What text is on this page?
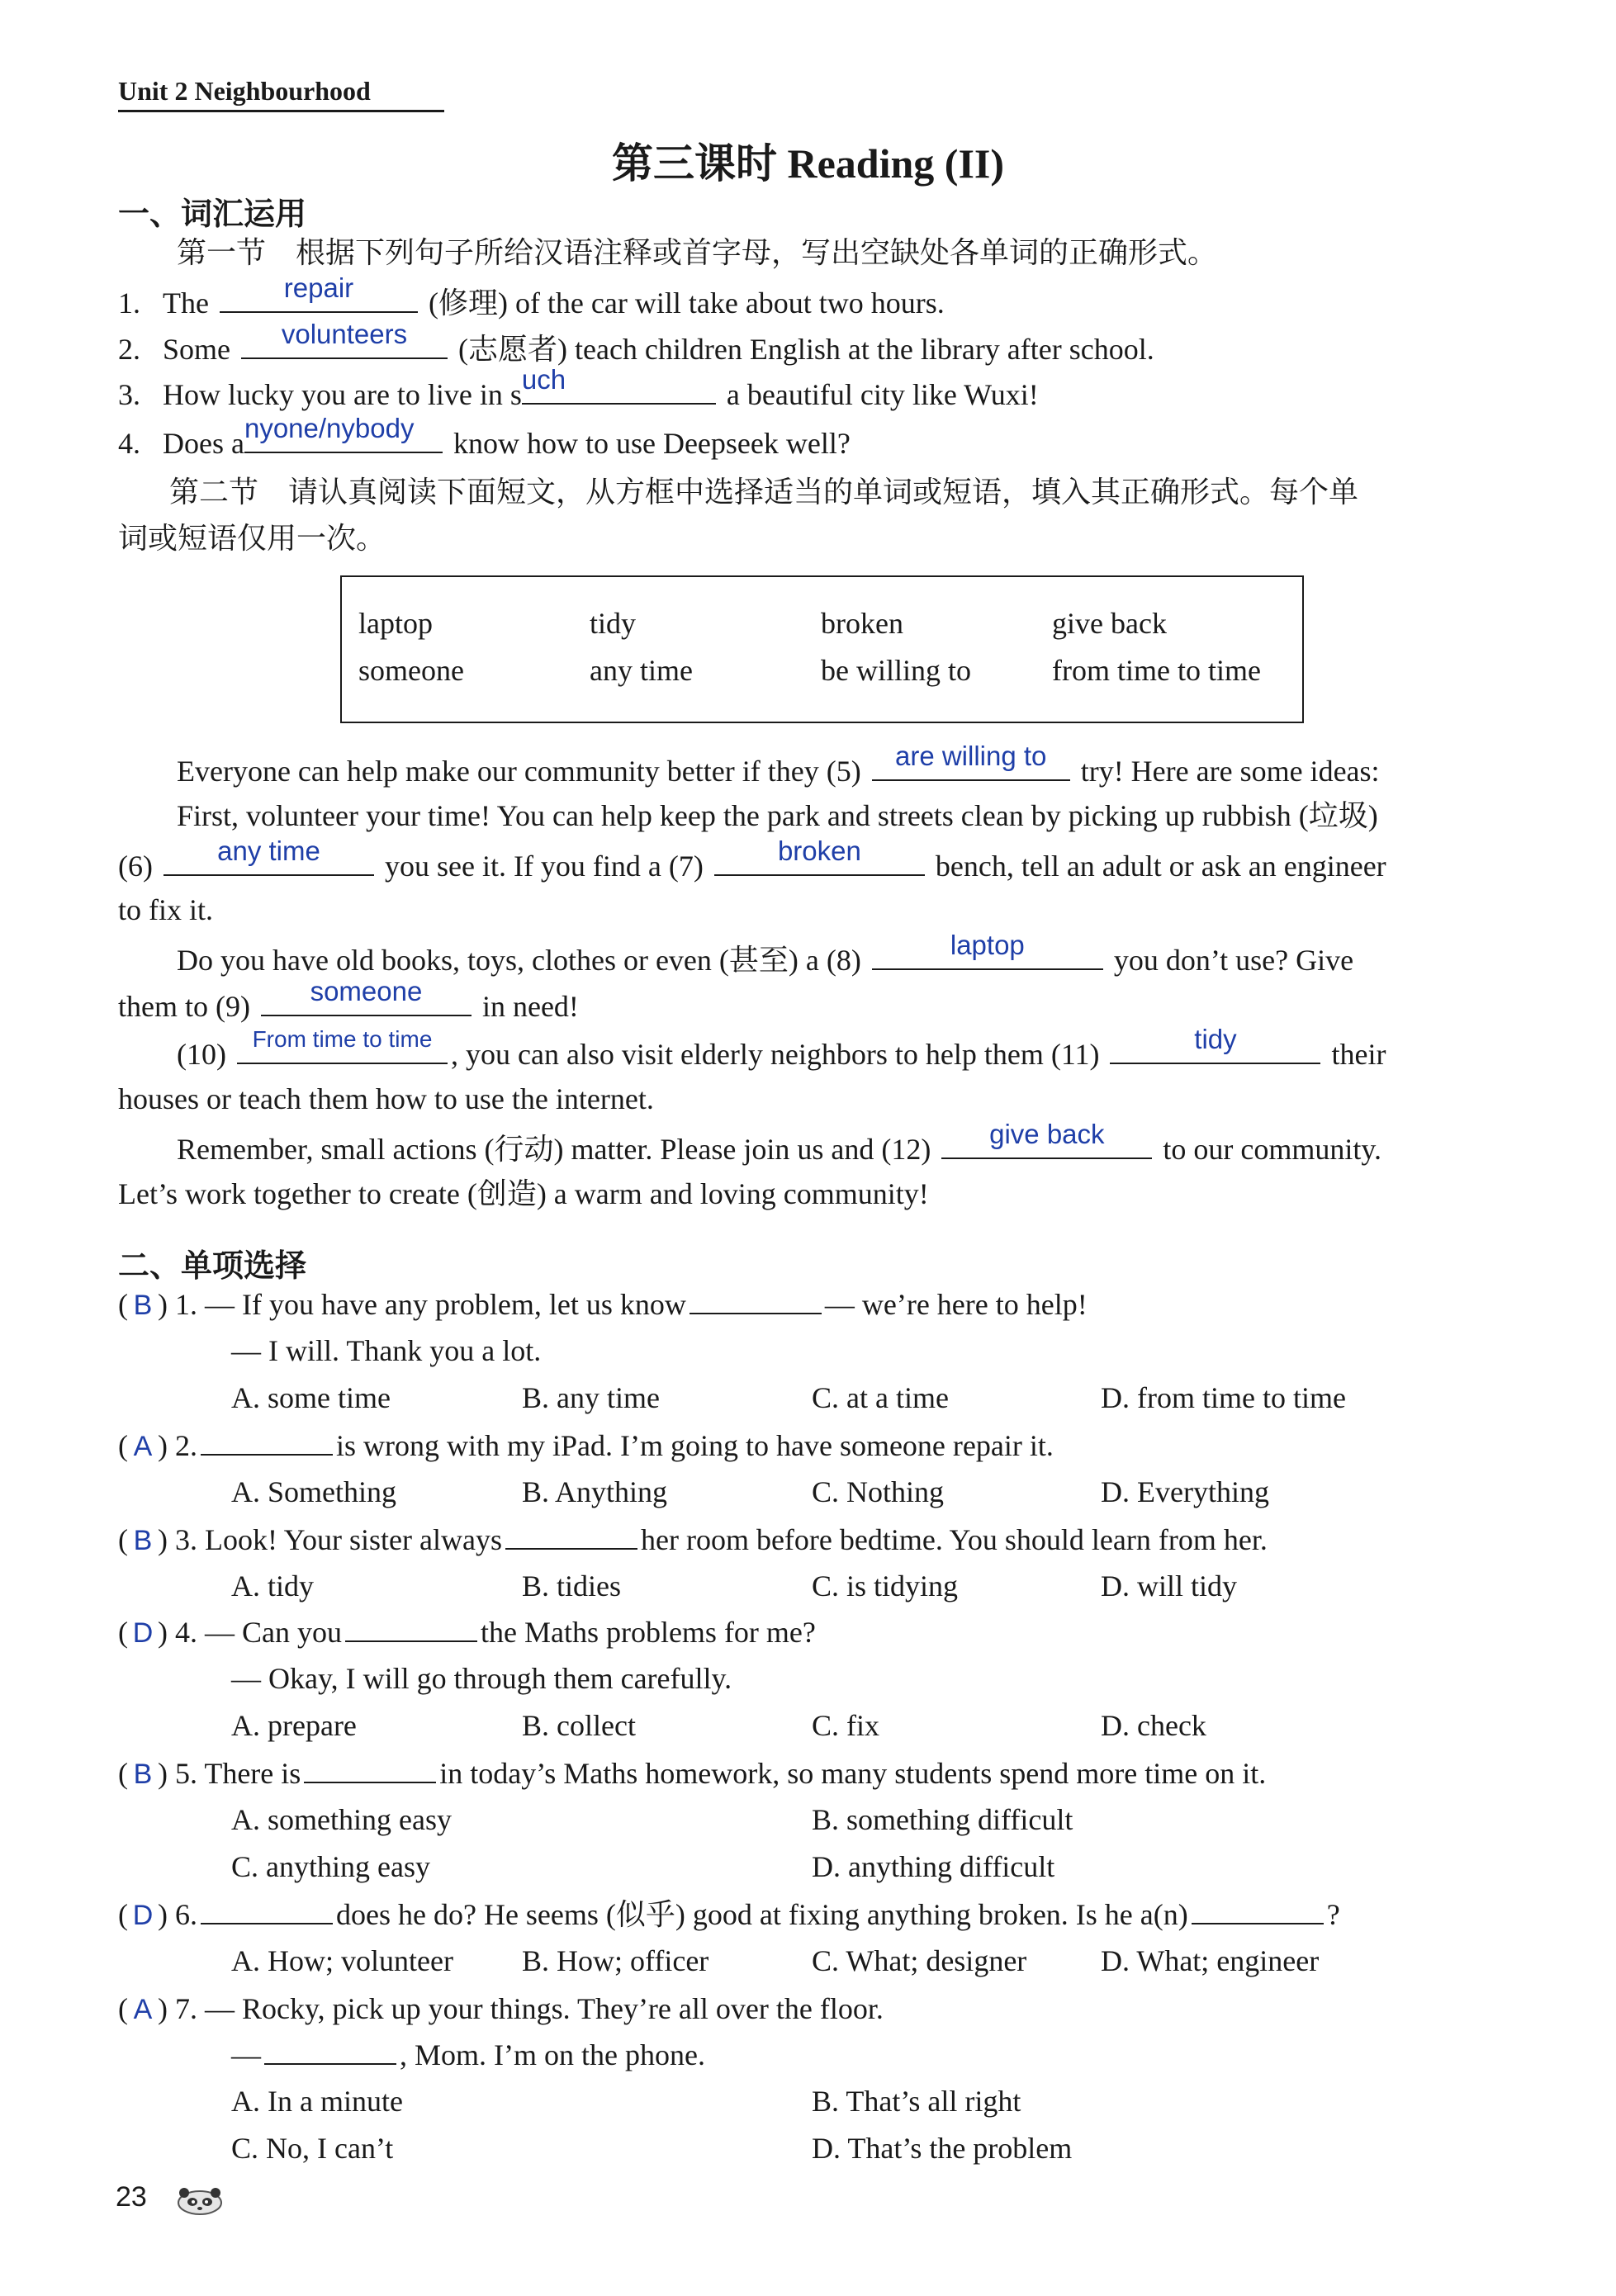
Unit 2 Neighbourhood
第三课时 Reading (II)
一、词汇运用
第一节　根据下列句子所给汉语注释或首字母，写出空缺处各单词的正确形式。
1. The	repair	(修理) of the car will take about two hours.
2. Some	volunteers	(志愿者) teach children English at the library after school.
3. How lucky you are to live in s uch	a beautiful city like Wuxi!
4. Does a nyone/nybody	know how to use Deepseek well?
第二节　请认真阅读下面短文，从方框中选择适当的单词或短语，填入其正确形式。每个单
词或短语仅用一次。
laptop	tidy	broken	give back
someone	any time	be willing to	from time to time
Everyone can help make our community better if they (5)	are willing to	try! Here are some ideas:
First, volunteer your time! You can help keep the park and streets clean by picking up rubbish (垃圾)
(6)	any time	you see it. If you find a (7)	broken	bench, tell an adult or ask an engineer
to fix it.
Do you have old books, toys, clothes or even (甚至) a (8)	laptop	you don’t use? Give
them to (9)	someone	in need!
(10)	From time to time , you can also visit elderly neighbors to help them (11)	tidy	their
houses or teach them how to use the internet.
Remember, small actions (行动) matter. Please join us and (12)	give back	to our community.
Let’s work together to create (创造) a warm and loving community!
二、单项选择
( B ) 1. — If you have any problem, let us know	— we’re here to help!
— I will. Thank you a lot.
A. some time	B. any time	C. at a time	D. from time to time
( A ) 2.	is wrong with my iPad. I’m going to have someone repair it.
A. Something	B. Anything	C. Nothing	D. Everything
( B ) 3. Look! Your sister always	her room before bedtime. You should learn from her.
A. tidy	B. tidies	C. is tidying	D. will tidy
( D ) 4. — Can you	the Maths problems for me?
— Okay, I will go through them carefully.
A. prepare	B. collect	C. fix	D. check
( B ) 5. There is	in today’s Maths homework, so many students spend more time on it.
A. something easy	B. something difficult
C. anything easy	D. anything difficult
( D ) 6.	does he do? He seems (似乎) good at fixing anything broken. Is he a(n)	?
A. How; volunteer B. How; officer	C. What; designer D. What; engineer
( A ) 7. — Rocky, pick up your things. They’re all over the floor.
—	, Mom. I’m on the phone.
A. In a minute	B. That’s all right
C. No, I can’t	D. That’s the problem
23
